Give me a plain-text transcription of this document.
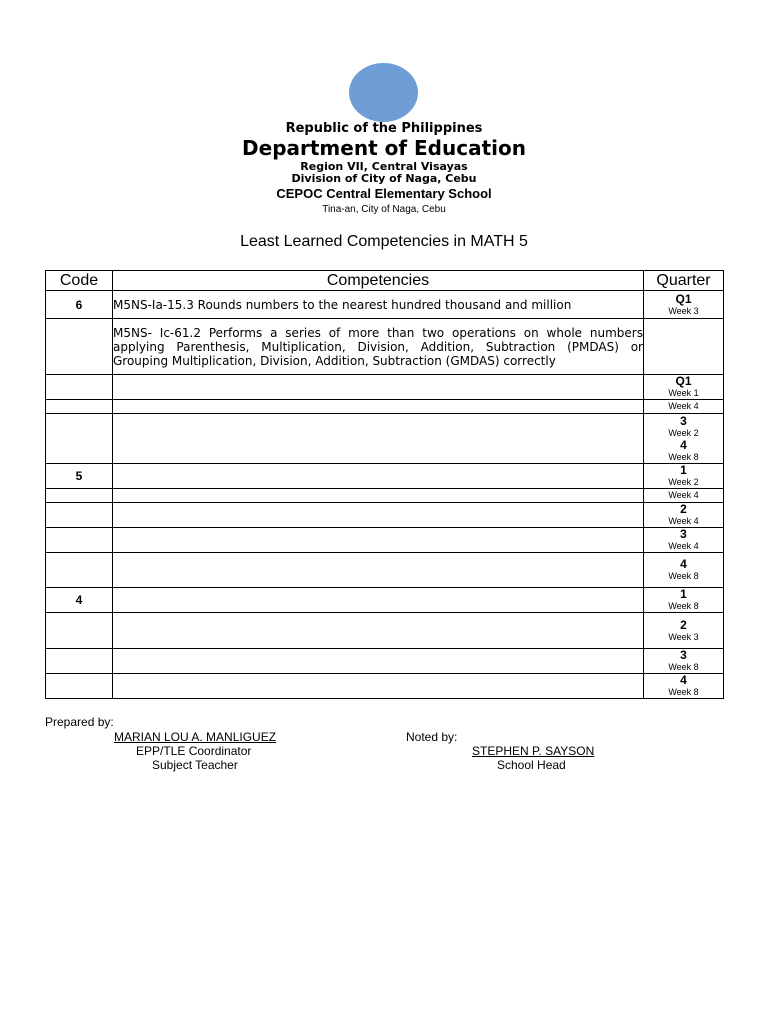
Republic of the Philippines
Department of Education
Region VII, Central Visayas
Division of City of Naga, Cebu
CEPOC Central Elementary School
Tina-an, City of Naga, Cebu
Least Learned Competencies in MATH 5
Code	Competencies	Quarter
6	M5NS-Ia-15.3 Rounds numbers to the nearest hundred thousand and million	Q1
Week 3

	M5NS- Ic-61.2 Performs a series of more than two operations on whole numbers applying Parenthesis, Multiplication, Division, Addition, Subtraction (PMDAS) or Grouping Multiplication, Division, Addition, Subtraction (GMDAS) correctly	

		Q1
Week 1

		Week 4

		3
Week 2
4
Week 8

5		1
Week 2

		Week 4

		2
Week 4

		3
Week 4

		4
Week 8

4		1
Week 8

		2
Week 3

		3
Week 8

		4
Week 8
Prepared by:
MARIAN LOU A. MANLIGUEZ
EPP/TLE Coordinator
Subject Teacher
Noted by:
STEPHEN P. SAYSON
School Head
